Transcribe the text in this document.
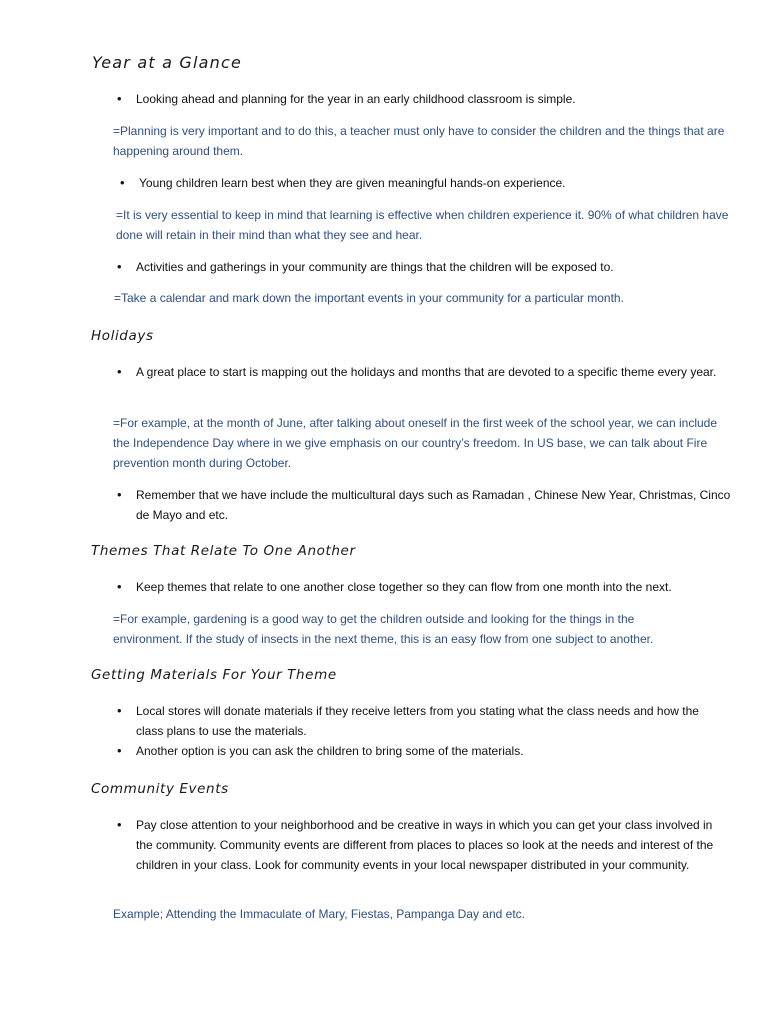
Year at a Glance
•	Looking ahead and planning for the year in an early childhood classroom is simple.

=Planning is very important and to do this, a teacher must only have to consider the children and the things that are happening around them.

•	Young children learn best when they are given meaningful hands-on experience.

=It is very essential to keep in mind that learning is effective when children experience it. 90% of what children have done will retain in their mind than what they see and hear.

•	Activities and gatherings in your community are things that the children will be exposed to.

=Take a calendar and mark down the important events in your community for a particular month.

Holidays
•	A great place to start is mapping out the holidays and months that are devoted to a specific theme every year.

=For example, at the month of June, after talking about oneself in the first week of the school year, we can include the Independence Day where in we give emphasis on our country’s freedom. In US base, we can talk about Fire prevention month during October.

•	Remember that we have include the multicultural days such as Ramadan , Chinese New Year, Christmas, Cinco de Mayo and etc.

Themes That Relate To One Another
•	Keep themes that relate to one another close together so they can flow from one month into the next.

=For example, gardening is a good way to get the children outside and looking for the things in the environment. If the study of insects in the next theme, this is an easy flow from one subject to another.

Getting Materials For Your Theme
•	Local stores will donate materials if they receive letters from you stating what the class needs and how the class plans to use the materials.

•	Another option is you can ask the children to bring some of the materials.

Community Events
•	Pay close attention to your neighborhood and be creative in ways in which you can get your class involved in the community. Community events are different from places to places so look at the needs and interest of the children in your class. Look for community events in your local newspaper distributed in your community.

Example; Attending the Immaculate of Mary, Fiestas, Pampanga Day and etc.
